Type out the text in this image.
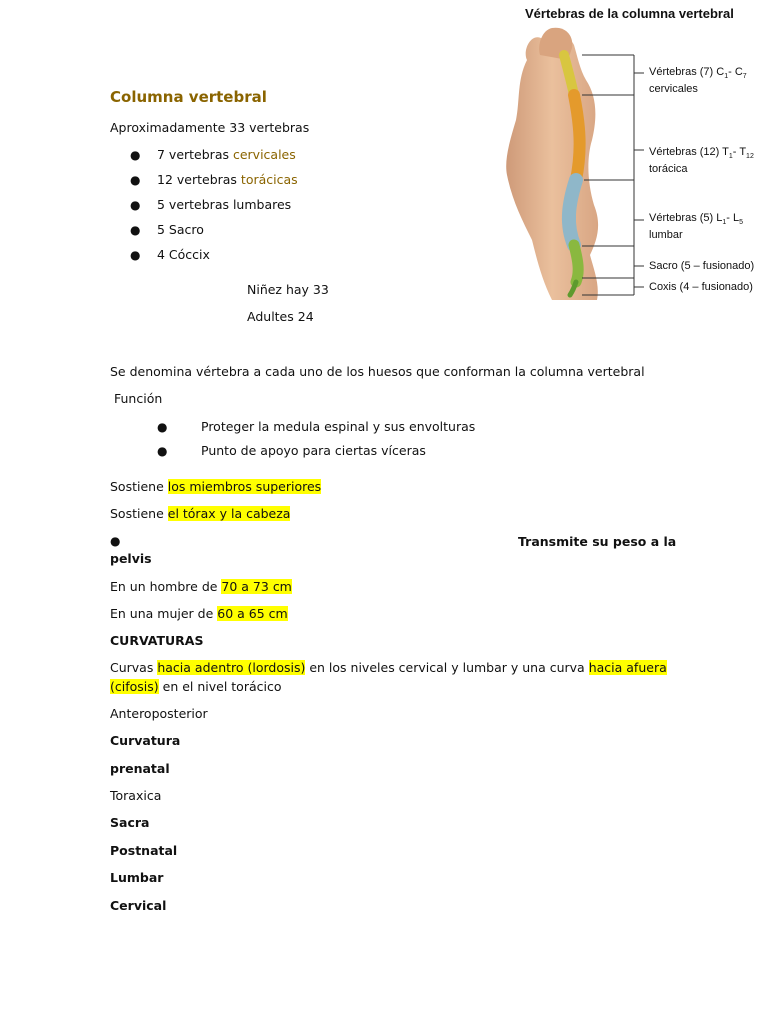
Vértebras de la columna vertebral
Vértebras (7) $C_1-$ $C_7$
cervicales
Vértebras (12) $T_1-$ $T_{12}$
torácica
Vértebras (5) $L_1-$ $L_5$
lumbar
Sacro (5 – fusionado)
Coxis (4 – fusionado)
Columna vertebral
Aproximadamente 33 vertebras
● 7 vertebras cervicales
● 12 vertebras torácicas
● 5 vertebras lumbares
● 5 Sacro
● 4 Cóccix
Niñez hay 33
Adultes 24
Se denomina vértebra a cada uno de los huesos que conforman la columna vertebral
Función
●	Proteger la medula espinal y sus envolturas
●	Punto de apoyo para ciertas víceras
Sostiene los miembros superiores
Sostiene el tórax y la cabeza
●	Transmite su peso a la
pelvis
En un hombre de 70 a 73 cm
En una mujer de 60 a 65 cm
CURVATURAS
Curvas hacia adentro (lordosis) en los niveles cervical y lumbar y una curva hacia afuera
(cifosis) en el nivel torácico
Anteroposterior
Curvatura
prenatal
Toraxica
Sacra
Postnatal
Lumbar
Cervical
